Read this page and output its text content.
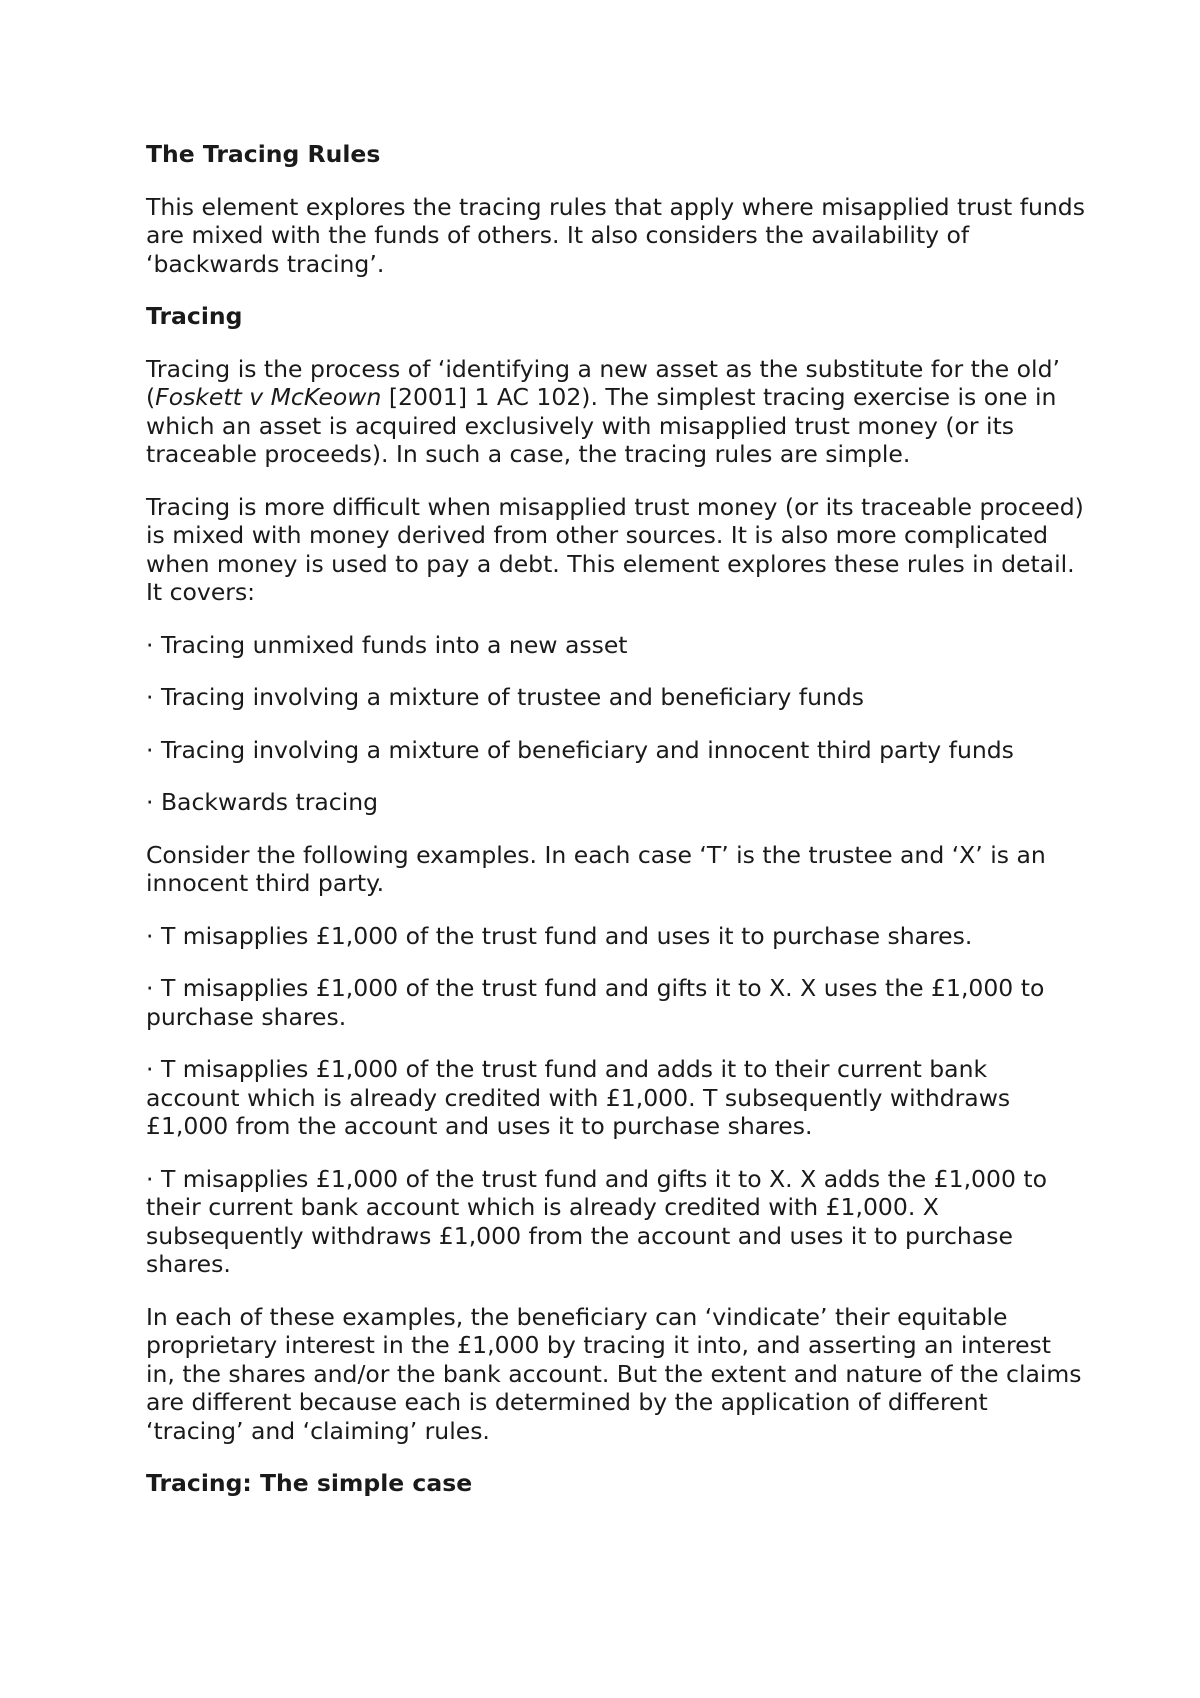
The Tracing Rules

This element explores the tracing rules that apply where misapplied trust funds are mixed with the funds of others. It also considers the availability of ‘backwards tracing’.

Tracing

Tracing is the process of ‘identifying a new asset as the substitute for the old’ (Foskett v McKeown [2001] 1 AC 102). The simplest tracing exercise is one in which an asset is acquired exclusively with misapplied trust money (or its traceable proceeds). In such a case, the tracing rules are simple.

Tracing is more difficult when misapplied trust money (or its traceable proceed) is mixed with money derived from other sources. It is also more complicated when money is used to pay a debt. This element explores these rules in detail. It covers:

· Tracing unmixed funds into a new asset

· Tracing involving a mixture of trustee and beneficiary funds

· Tracing involving a mixture of beneficiary and innocent third party funds

· Backwards tracing

Consider the following examples. In each case ‘T’ is the trustee and ‘X’ is an innocent third party.

· T misapplies £1,000 of the trust fund and uses it to purchase shares.

· T misapplies £1,000 of the trust fund and gifts it to X. X uses the £1,000 to purchase shares.

· T misapplies £1,000 of the trust fund and adds it to their current bank account which is already credited with £1,000. T subsequently withdraws £1,000 from the account and uses it to purchase shares.

· T misapplies £1,000 of the trust fund and gifts it to X. X adds the £1,000 to their current bank account which is already credited with £1,000. X subsequently withdraws £1,000 from the account and uses it to purchase shares.

In each of these examples, the beneficiary can ‘vindicate’ their equitable proprietary interest in the £1,000 by tracing it into, and asserting an interest in, the shares and/or the bank account. But the extent and nature of the claims are different because each is determined by the application of different ‘tracing’ and ‘claiming’ rules.

Tracing: The simple case
